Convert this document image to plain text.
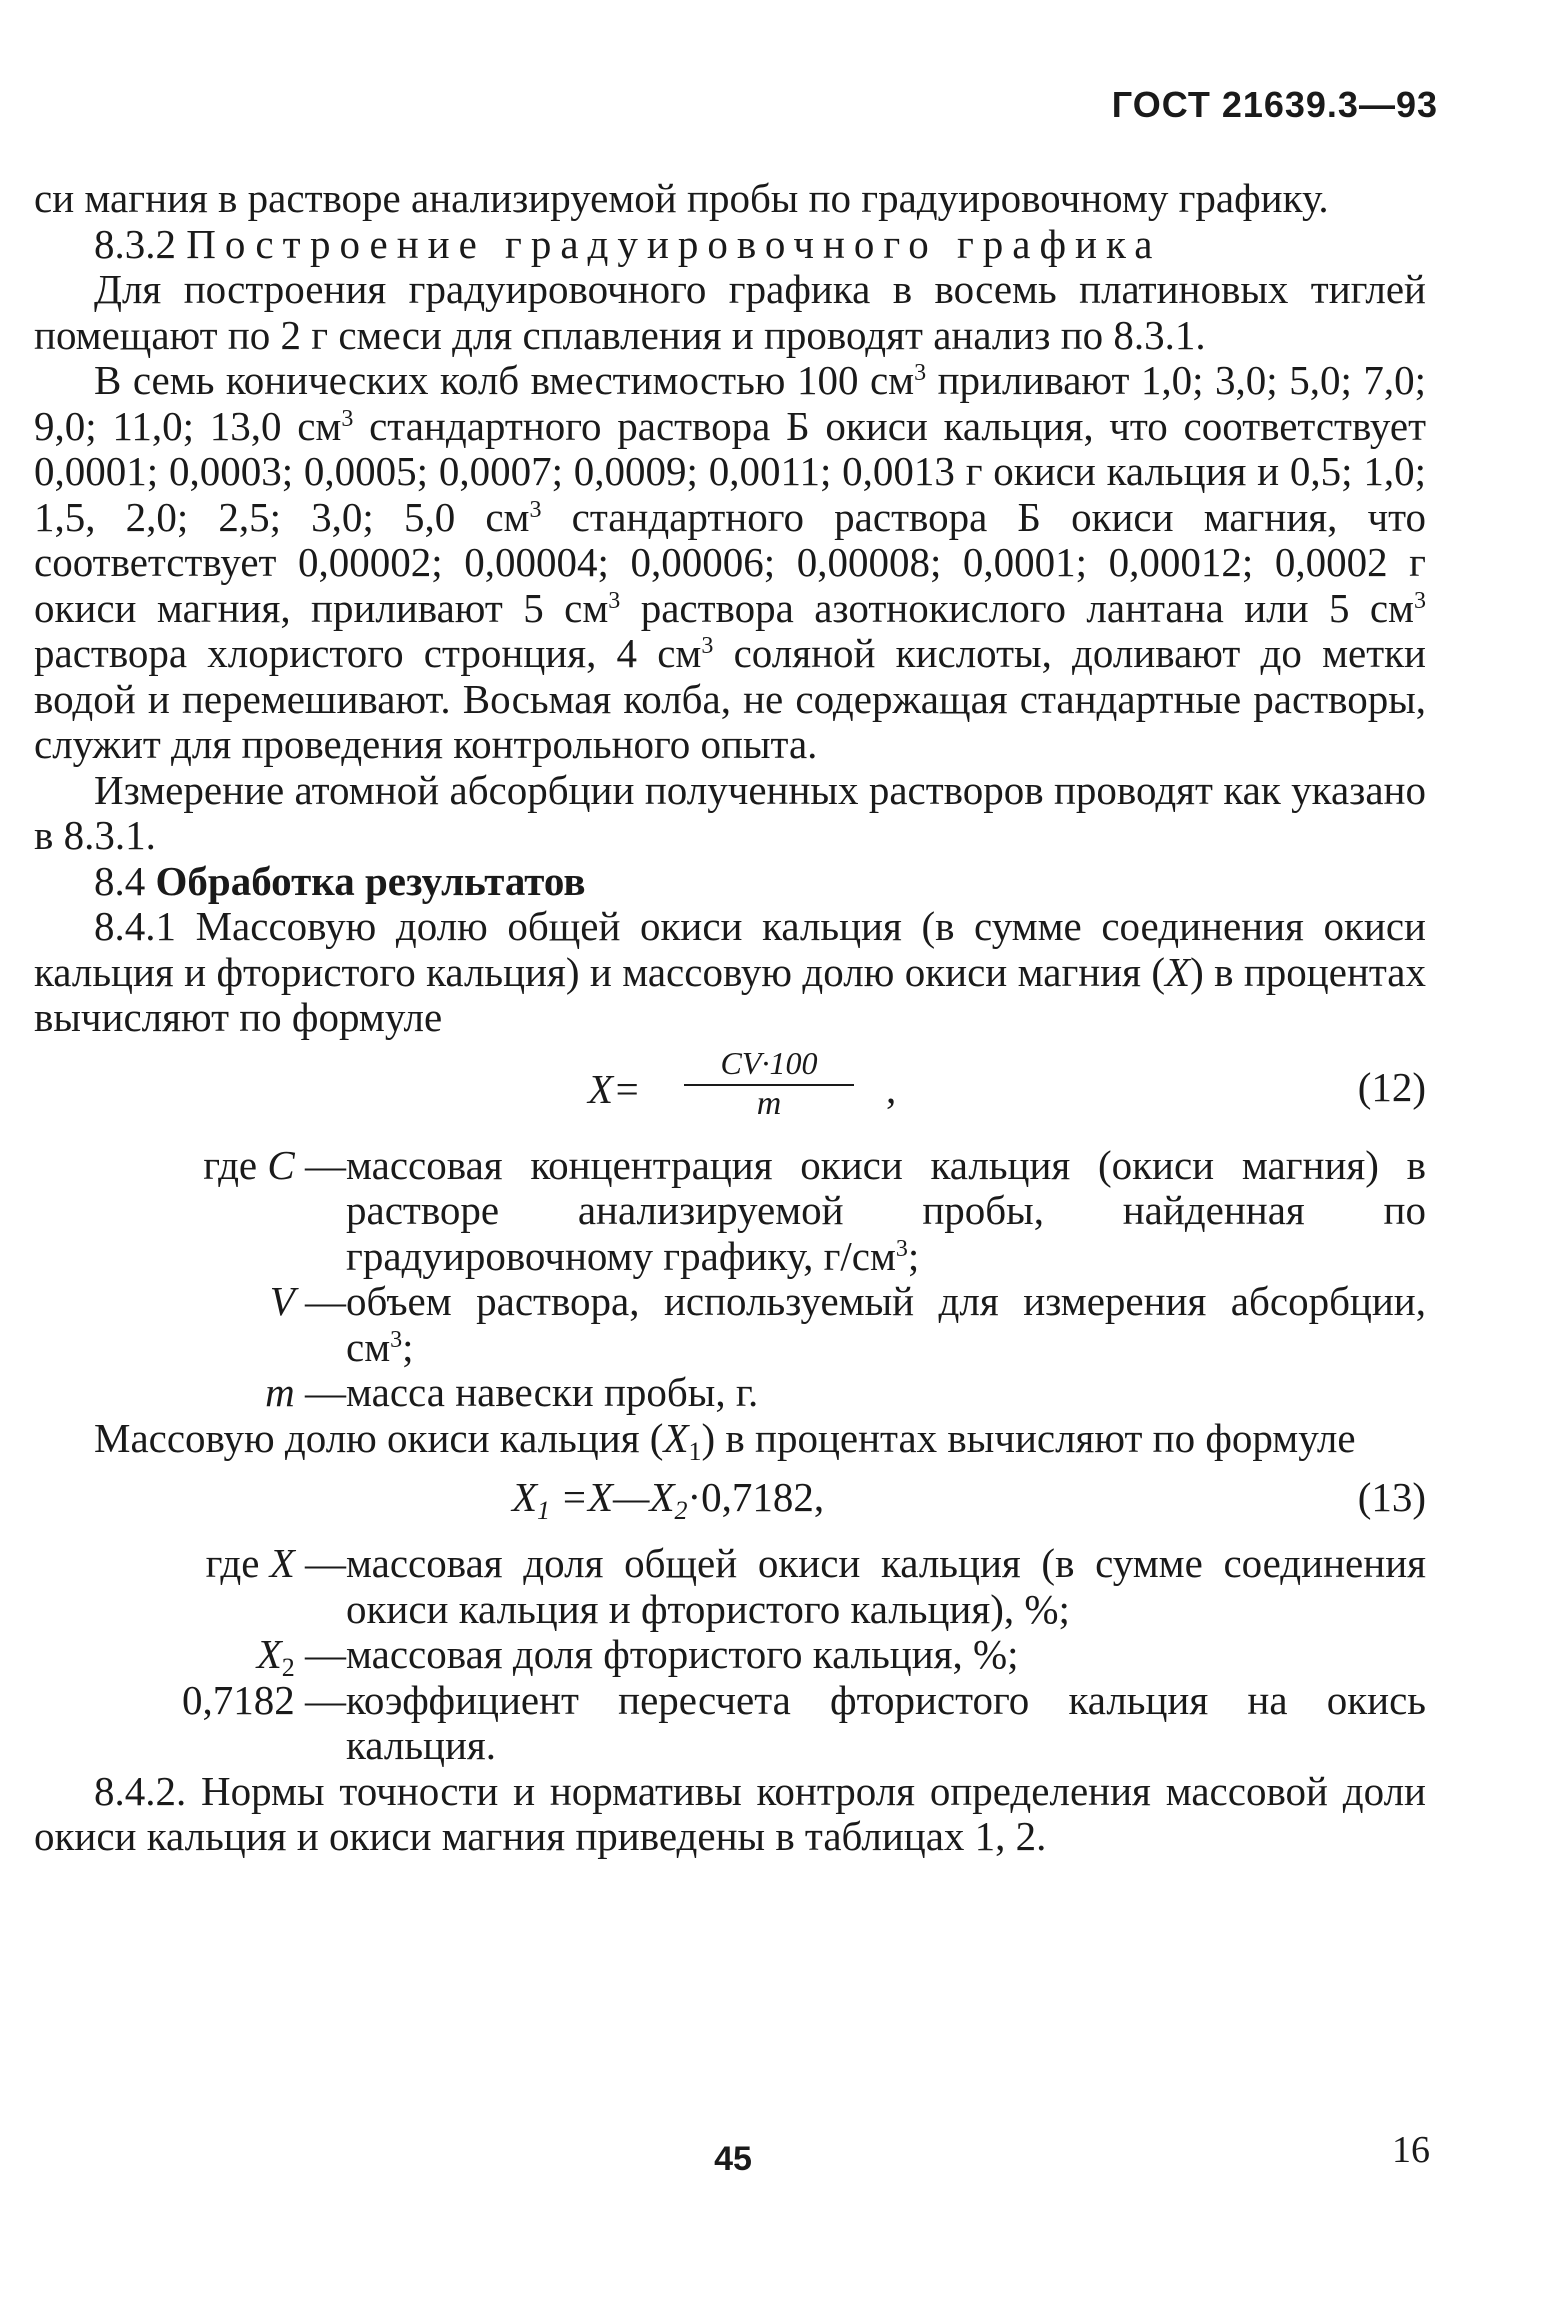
ГОСТ 21639.3—93

си магния в растворе анализируемой пробы по градуировочному графику.

8.3.2 Построение градуировочного графика

Для построения градуировочного графика в восемь платиновых тиглей помещают по 2 г смеси для сплавления и проводят анализ по 8.3.1.

В семь конических колб вместимостью 100 $см^3$ приливают 1,0; 3,0; 5,0; 7,0; 9,0; 11,0; 13,0 $см^3$ стандартного раствора Б окиси кальция, что соответствует 0,0001; 0,0003; 0,0005; 0,0007; 0,0009; 0,0011; 0,0013 г окиси кальция и 0,5; 1,0; 1,5, 2,0; 2,5; 3,0; 5,0 $см^3$ стандартного раствора Б окиси магния, что соответствует 0,00002; 0,00004; 0,00006; 0,00008; 0,0001; 0,00012; 0,0002 г окиси магния, приливают 5 $см^3$ раствора азотнокислого лантана или 5 $см^3$ раствора хлористого стронция, 4 $см^3$ соляной кислоты, доливают до метки водой и перемешивают. Восьмая колба, не содержащая стандартные растворы, служит для проведения контрольного опыта.

Измерение атомной абсорбции полученных растворов проводят как указано в 8.3.1.

8.4 Обработка результатов

8.4.1 Массовую долю общей окиси кальция (в сумме соединения окиси кальция и фтористого кальция) и массовую долю окиси магния (X) в процентах вычисляют по формуле

$X= \frac{CV\cdot 100}{m}$ ,	(12)
где C — массовая концентрация окиси кальция (окиси магния) в растворе анализируемой пробы, найденная по градуировочному графику, $г/см^3$;
V — объем раствора, используемый для измерения абсорбции, $см^3$;
m — масса навески пробы, г.

Массовую долю окиси кальция $(X_1)$ в процентах вычисляют по формуле

$X_1$ $=X—X_2\cdot 0,7182$,	(13)
где X — массовая доля общей окиси кальция (в сумме соединения окиси кальция и фтористого кальция), %;
$X_2$ — массовая доля фтористого кальция, %;
0,7182 — коэффициент пересчета фтористого кальция на окись кальция.

8.4.2. Нормы точности и нормативы контроля определения массовой доли окиси кальция и окиси магния приведены в таблицах 1, 2.

45	16
